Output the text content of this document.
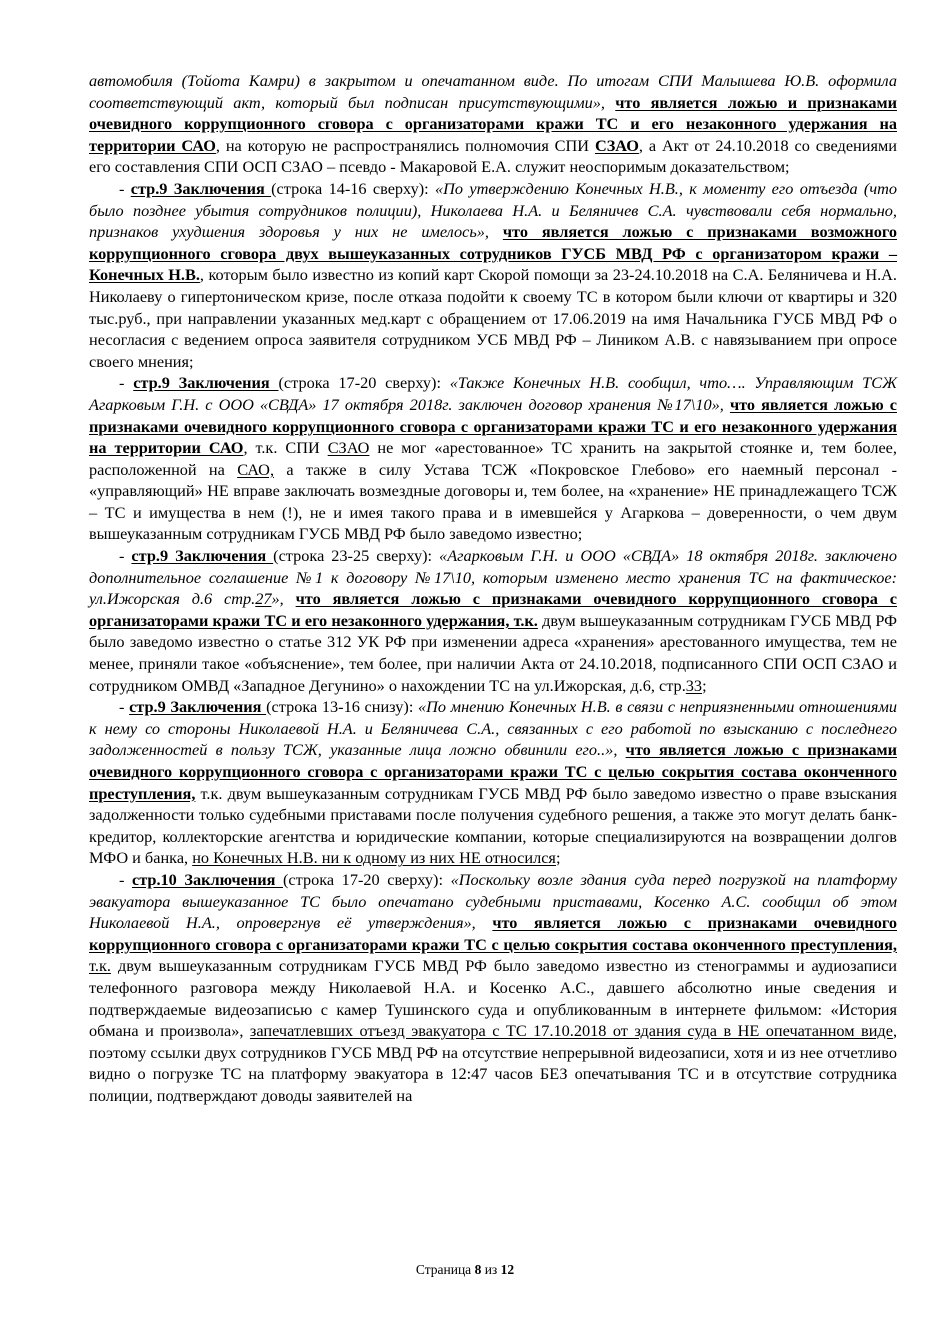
автомобиля (Тойота Камри) в закрытом и опечатанном виде. По итогам СПИ Малышева Ю.В. оформила соответствующий акт, который был подписан присутствующими», что является ложью и признаками очевидного коррупционного сговора с организаторами кражи ТС и его незаконного удержания на территории САО, на которую не распространялись полномочия СПИ СЗАО, а Акт от 24.10.2018 со сведениями его составления СПИ ОСП СЗАО – псевдо - Макаровой Е.А. служит неоспоримым доказательством;

- стр.9 Заключения (строка 14-16 сверху): «По утверждению Конечных Н.В., к моменту его отъезда (что было позднее убытия сотрудников полиции), Николаева Н.А. и Беляничев С.А. чувствовали себя нормально, признаков ухудшения здоровья у них не имелось», что является ложью с признаками возможного коррупционного сговора двух вышеуказанных сотрудников ГУСБ МВД РФ с организатором кражи – Конечных Н.В., которым было известно из копий карт Скорой помощи за 23-24.10.2018 на С.А. Беляничева и Н.А. Николаеву о гипертоническом кризе, после отказа подойти к своему ТС в котором были ключи от квартиры и 320 тыс.руб., при направлении указанных мед.карт с обращением от 17.06.2019 на имя Начальника ГУСБ МВД РФ о несогласия с ведением опроса заявителя сотрудником УСБ МВД РФ – Лиником А.В. с навязыванием при опросе своего мнения;

- стр.9 Заключения (строка 17-20 сверху): «Также Конечных Н.В. сообщил, что…. Управляющим ТСЖ Агарковым Г.Н. с ООО «СВДА» 17 октября 2018г. заключен договор хранения №17\10», что является ложью с признаками очевидного коррупционного сговора с организаторами кражи ТС и его незаконного удержания на территории САО, т.к. СПИ СЗАО не мог «арестованное» ТС хранить на закрытой стоянке и, тем более, расположенной на САО, а также в силу Устава ТСЖ «Покровское Глебово» его наемный персонал - «управляющий» НЕ вправе заключать возмездные договоры и, тем более, на «хранение» НЕ принадлежащего ТСЖ – ТС и имущества в нем (!), не и имея такого права и в имевшейся у Агаркова – доверенности, о чем двум вышеуказанным сотрудникам ГУСБ МВД РФ было заведомо известно;

- стр.9 Заключения (строка 23-25 сверху): «Агарковым Г.Н. и ООО «СВДА» 18 октября 2018г. заключено дополнительное соглашение №1 к договору №17\10, которым изменено место хранения ТС на фактическое: ул.Ижорская д.6 стр.27», что является ложью с признаками очевидного коррупционного сговора с организаторами кражи ТС и его незаконного удержания, т.к. двум вышеуказанным сотрудникам ГУСБ МВД РФ было заведомо известно о статье 312 УК РФ при изменении адреса «хранения» арестованного имущества, тем не менее, приняли такое «объяснение», тем более, при наличии Акта от 24.10.2018, подписанного СПИ ОСП СЗАО и сотрудником ОМВД «Западное Дегунино» о нахождении ТС на ул.Ижорская, д.6, стр.33;

- стр.9 Заключения (строка 13-16 снизу): «По мнению Конечных Н.В. в связи с неприязненными отношениями к нему со стороны Николаевой Н.А. и Беляничева С.А., связанных с его работой по взысканию с последнего задолженностей в пользу ТСЖ, указанные лица ложно обвинили его..», что является ложью с признаками очевидного коррупционного сговора с организаторами кражи ТС с целью сокрытия состава оконченного преступления, т.к. двум вышеуказанным сотрудникам ГУСБ МВД РФ было заведомо известно о праве взыскания задолженности только судебными приставами после получения судебного решения, а также это могут делать банк-кредитор, коллекторские агентства и юридические компании, которые специализируются на возвращении долгов МФО и банка, но Конечных Н.В. ни к одному из них НЕ относился;

- стр.10 Заключения (строка 17-20 сверху): «Поскольку возле здания суда перед погрузкой на платформу эвакуатора вышеуказанное ТС было опечатано судебными приставами, Косенко А.С. сообщил об этом Николаевой Н.А., опровергнув её утверждения», что является ложью с признаками очевидного коррупционного сговора с организаторами кражи ТС с целью сокрытия состава оконченного преступления, т.к. двум вышеуказанным сотрудникам ГУСБ МВД РФ было заведомо известно из стенограммы и аудиозаписи телефонного разговора между Николаевой Н.А. и Косенко А.С., давшего абсолютно иные сведения и подтверждаемые видеозаписью с камер Тушинского суда и опубликованным в интернете фильмом: «История обмана и произвола», запечатлевших отъезд эвакуатора с ТС 17.10.2018 от здания суда в НЕ опечатанном виде, поэтому ссылки двух сотрудников ГУСБ МВД РФ на отсутствие непрерывной видеозаписи, хотя и из нее отчетливо видно о погрузке ТС на платформу эвакуатора в 12:47 часов БЕЗ опечатывания ТС и в отсутствие сотрудника полиции, подтверждают доводы заявителей на

Страница 8 из 12
